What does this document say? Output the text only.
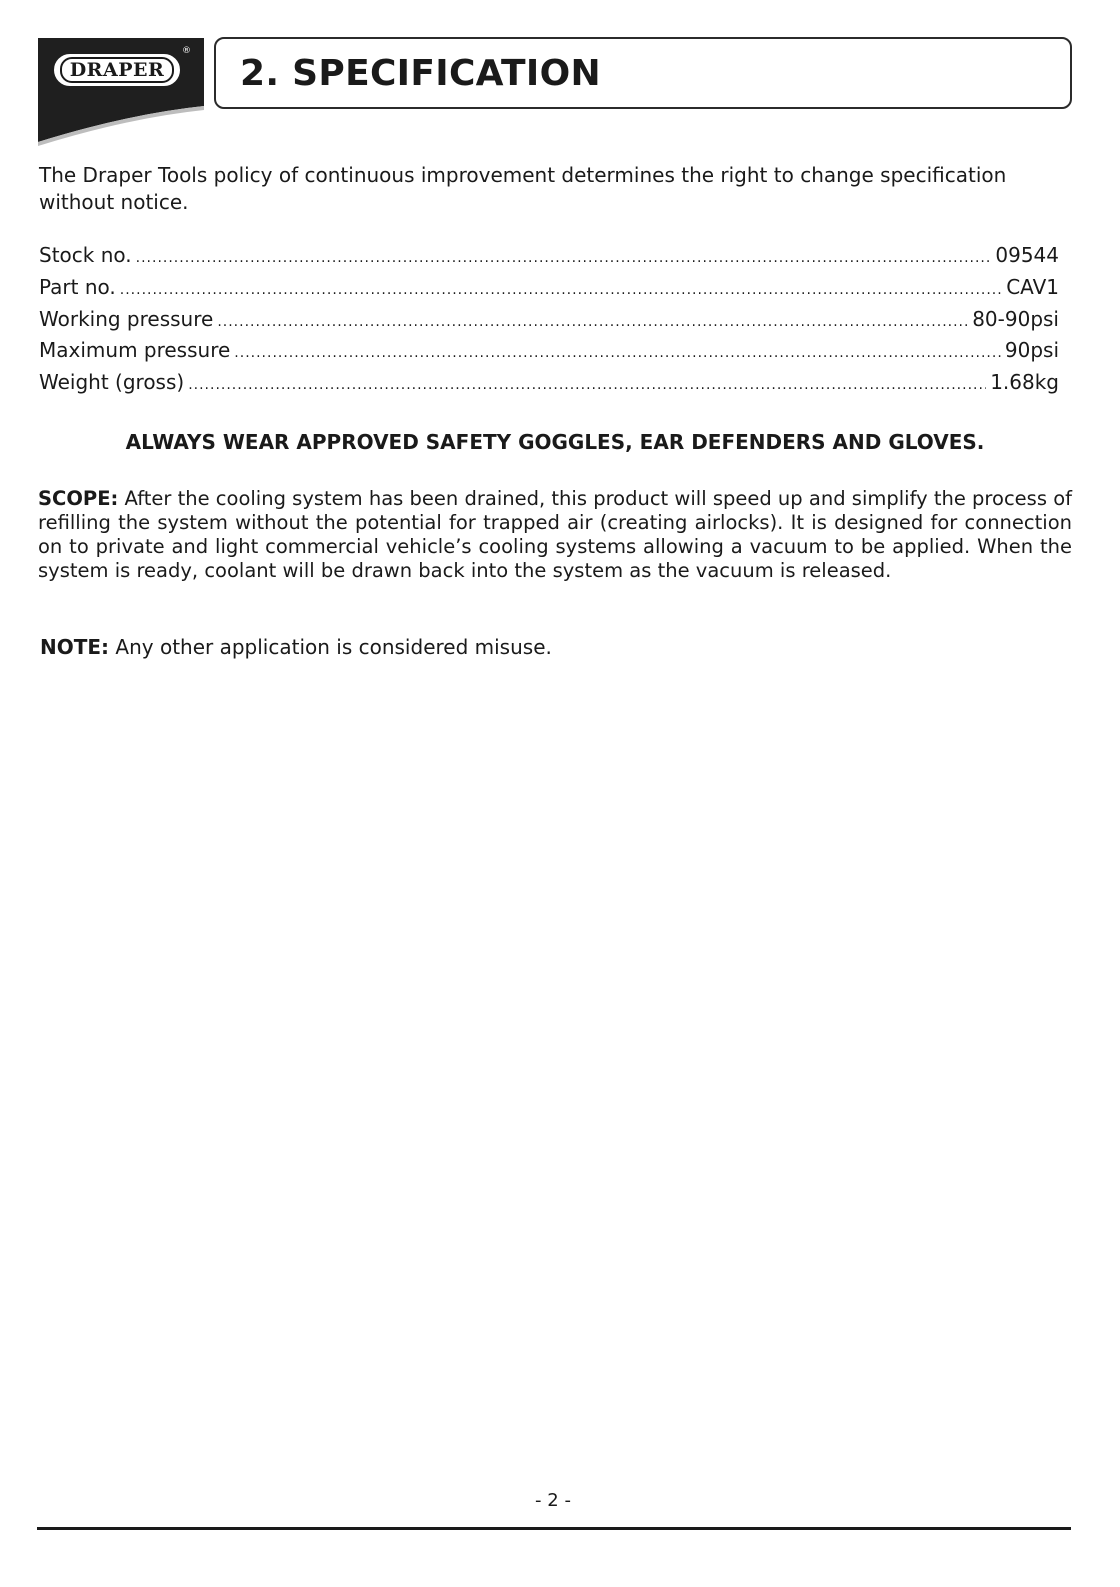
DRAPER
®
2. SPECIFICATION

The Draper Tools policy of continuous improvement determines the right to change specification without notice.

Stock no. .....	09544
Part no. .....	CAV1
Working pressure .....	80-90psi
Maximum pressure .....	90psi
Weight (gross) .....	1.68kg

ALWAYS WEAR APPROVED SAFETY GOGGLES, EAR DEFENDERS AND GLOVES.

SCOPE: After the cooling system has been drained, this product will speed up and simplify the process of refilling the system without the potential for trapped air (creating airlocks). It is designed for connection on to private and light commercial vehicle’s cooling systems allowing a vacuum to be applied. When the system is ready, coolant will be drawn back into the system as the vacuum is released.

NOTE: Any other application is considered misuse.

- 2 -
